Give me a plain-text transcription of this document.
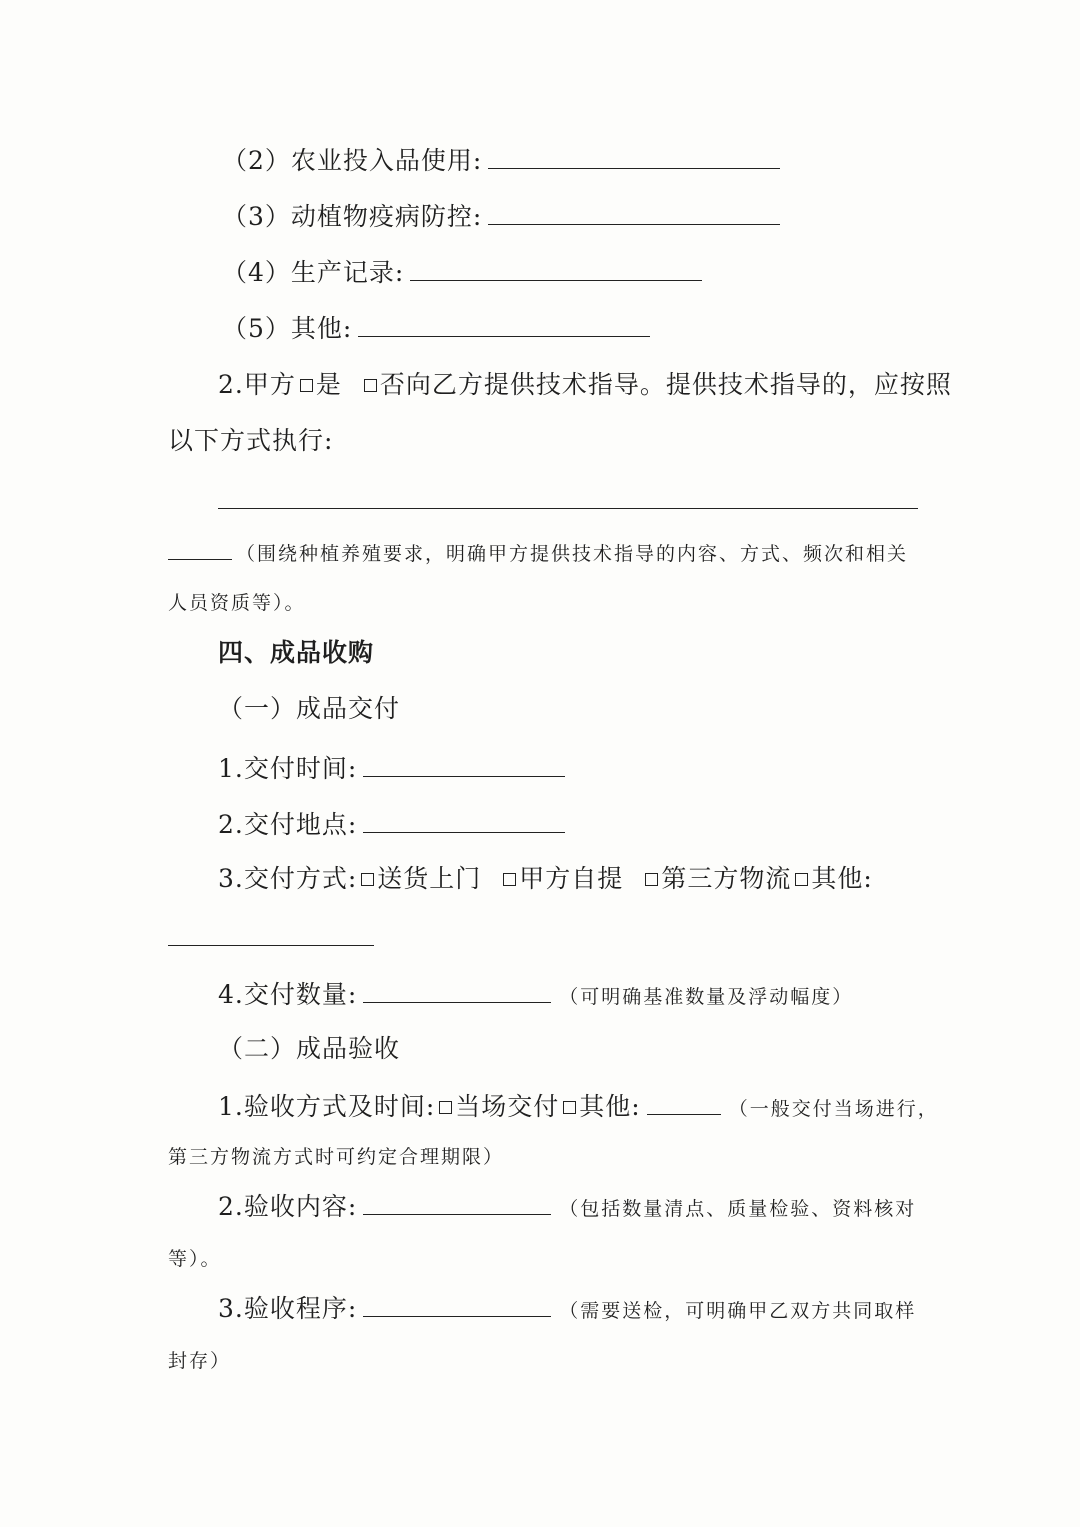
（2）农业投入品使用:
（3）动植物疫病防控:
（4）生产记录:
（5）其他:
2.甲方 是 否向乙方提供技术指导。提供技术指导的，应按照
以下方式执行:
（围绕种植养殖要求，明确甲方提供技术指导的内容、方式、频次和相关
人员资质等）。
四、成品收购
（一）成品交付
1.交付时间:
2.交付地点:
3.交付方式: 送货上门 甲方自提 第三方物流 其他:
4.交付数量:	（可明确基准数量及浮动幅度）
（二）成品验收
1.验收方式及时间: 当场交付 其他:	（一般交付当场进行，
第三方物流方式时可约定合理期限）
2.验收内容:	（包括数量清点、质量检验、资料核对
等）。
3.验收程序:	（需要送检，可明确甲乙双方共同取样
封存）
